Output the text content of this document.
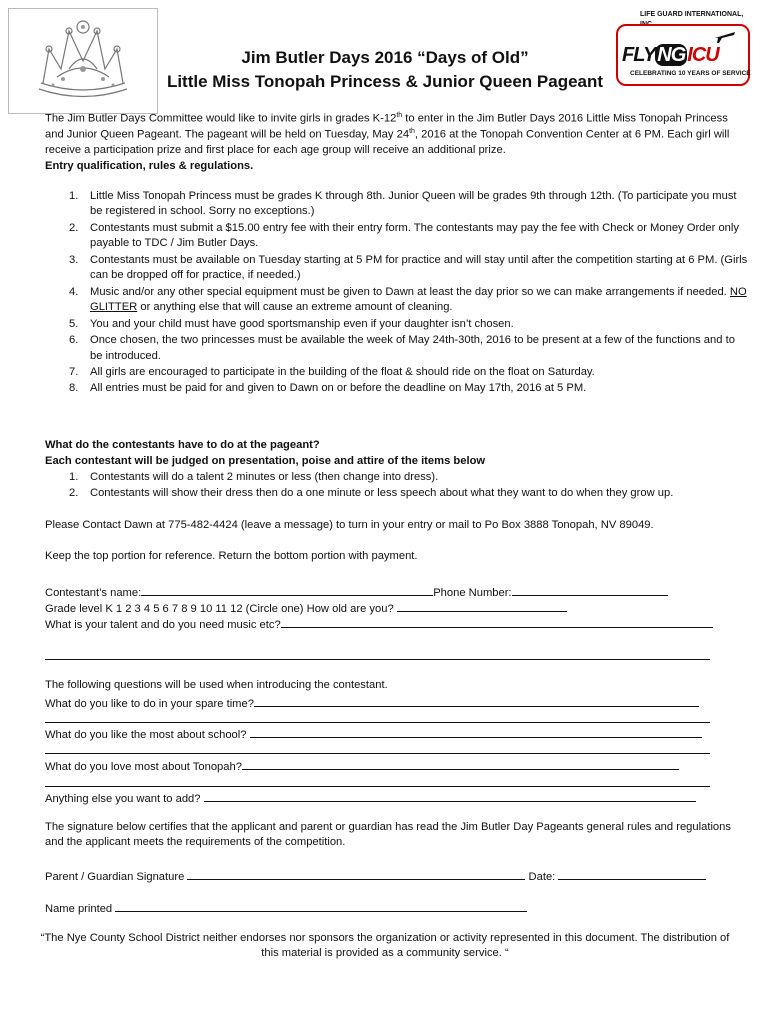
LIFE GUARD INTERNATIONAL, INC.
FLY NG ICU
CELEBRATING 10 YEARS OF SERVICE
Jim Butler Days 2016 “Days of Old”
Little Miss Tonopah Princess & Junior Queen Pageant
The Jim Butler Days Committee would like to invite girls in grades K-12th to enter in the Jim Butler Days 2016 Little Miss Tonopah Princess and Junior Queen Pageant. The pageant will be held on Tuesday, May 24th, 2016 at the Tonopah Convention Center at 6 PM. Each girl will receive a participation prize and first place for each age group will receive an additional prize.
Entry qualification, rules & regulations.
1. Little Miss Tonopah Princess must be grades K through 8th. Junior Queen will be grades 9th through 12th. (To participate you must be registered in school. Sorry no exceptions.)
2. Contestants must submit a $15.00 entry fee with their entry form. The contestants may pay the fee with Check or Money Order only payable to TDC / Jim Butler Days.
3. Contestants must be available on Tuesday starting at 5 PM for practice and will stay until after the competition starting at 6 PM. (Girls can be dropped off for practice, if needed.)
4. Music and/or any other special equipment must be given to Dawn at least the day prior so we can make arrangements if needed. NO GLITTER or anything else that will cause an extreme amount of cleaning.
5. You and your child must have good sportsmanship even if your daughter isn’t chosen.
6. Once chosen, the two princesses must be available the week of May 24th-30th, 2016 to be present at a few of the functions and to be introduced.
7. All girls are encouraged to participate in the building of the float & should ride on the float on Saturday.
8. All entries must be paid for and given to Dawn on or before the deadline on May 17th, 2016 at 5 PM.
What do the contestants have to do at the pageant?
Each contestant will be judged on presentation, poise and attire of the items below
1. Contestants will do a talent 2 minutes or less (then change into dress).
2. Contestants will show their dress then do a one minute or less speech about what they want to do when they grow up.
Please Contact Dawn at 775-482-4424 (leave a message) to turn in your entry or mail to Po Box 3888 Tonopah, NV 89049.
Keep the top portion for reference. Return the bottom portion with payment.
Contestant’s name:	Phone Number:
Grade level K 1 2 3 4 5 6 7 8 9 10 11 12 (Circle one) How old are you?
What is your talent and do you need music etc?
The following questions will be used when introducing the contestant.
What do you like to do in your spare time?
What do you like the most about school?
What do you love most about Tonopah?
Anything else you want to add?
The signature below certifies that the applicant and parent or guardian has read the Jim Butler Day Pageants general rules and regulations and the applicant meets the requirements of the competition.
Parent / Guardian Signature	Date:
Name printed
“The Nye County School District neither endorses nor sponsors the organization or activity represented in this document. The distribution of this material is provided as a community service. “
